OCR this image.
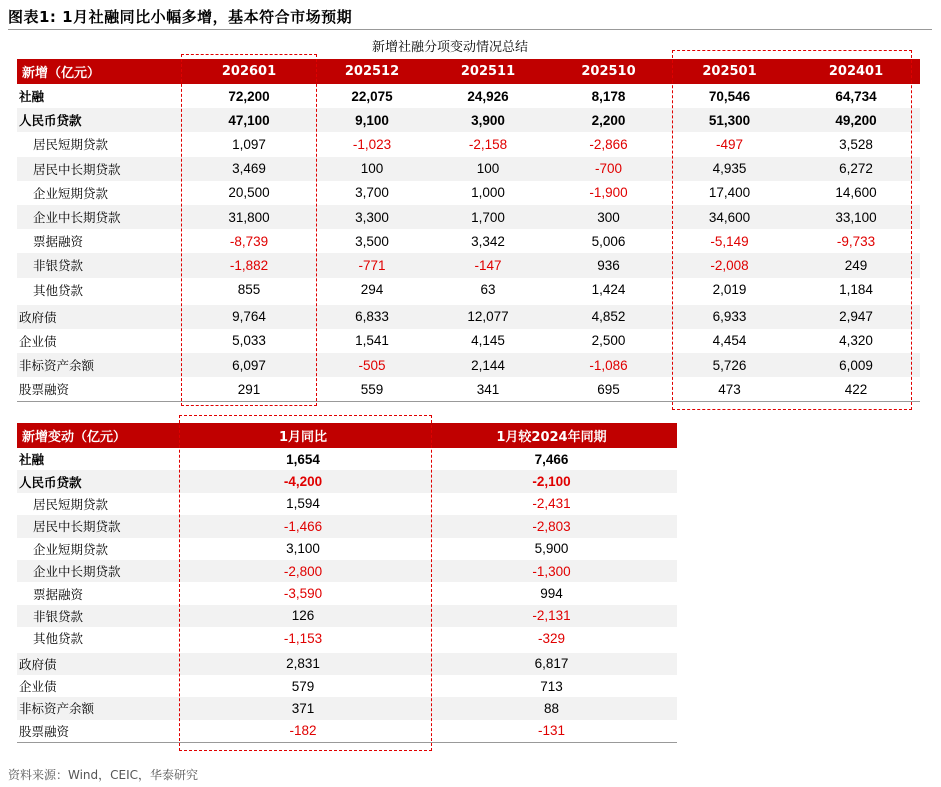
图表1: 1月社融同比小幅多增，基本符合市场预期
新增社融分项变动情况总结
新增（亿元）	202601	202512	202511	202510	202501	202401
社融	72,200	22,075	24,926	8,178	70,546	64,734
人民币贷款	47,100	9,100	3,900	2,200	51,300	49,200
居民短期贷款	1,097	-1,023	-2,158	-2,866	-497	3,528
居民中长期贷款	3,469	100	100	-700	4,935	6,272
企业短期贷款	20,500	3,700	1,000	-1,900	17,400	14,600
企业中长期贷款	31,800	3,300	1,700	300	34,600	33,100
票据融资	-8,739	3,500	3,342	5,006	-5,149	-9,733
非银贷款	-1,882	-771	-147	936	-2,008	249
其他贷款	855	294	63	1,424	2,019	1,184

政府债	9,764	6,833	12,077	4,852	6,933	2,947
企业债	5,033	1,541	4,145	2,500	4,454	4,320
非标资产余额	6,097	-505	2,144	-1,086	5,726	6,009
股票融资	291	559	341	695	473	422
新增变动（亿元）	1月同比	1月较2024年同期
社融	1,654	7,466
人民币贷款	-4,200	-2,100
居民短期贷款	1,594	-2,431
居民中长期贷款	-1,466	-2,803
企业短期贷款	3,100	5,900
企业中长期贷款	-2,800	-1,300
票据融资	-3,590	994
非银贷款	126	-2,131
其他贷款	-1,153	-329

政府债	2,831	6,817
企业债	579	713
非标资产余额	371	88
股票融资	-182	-131
资料来源：Wind，CEIC，华泰研究
